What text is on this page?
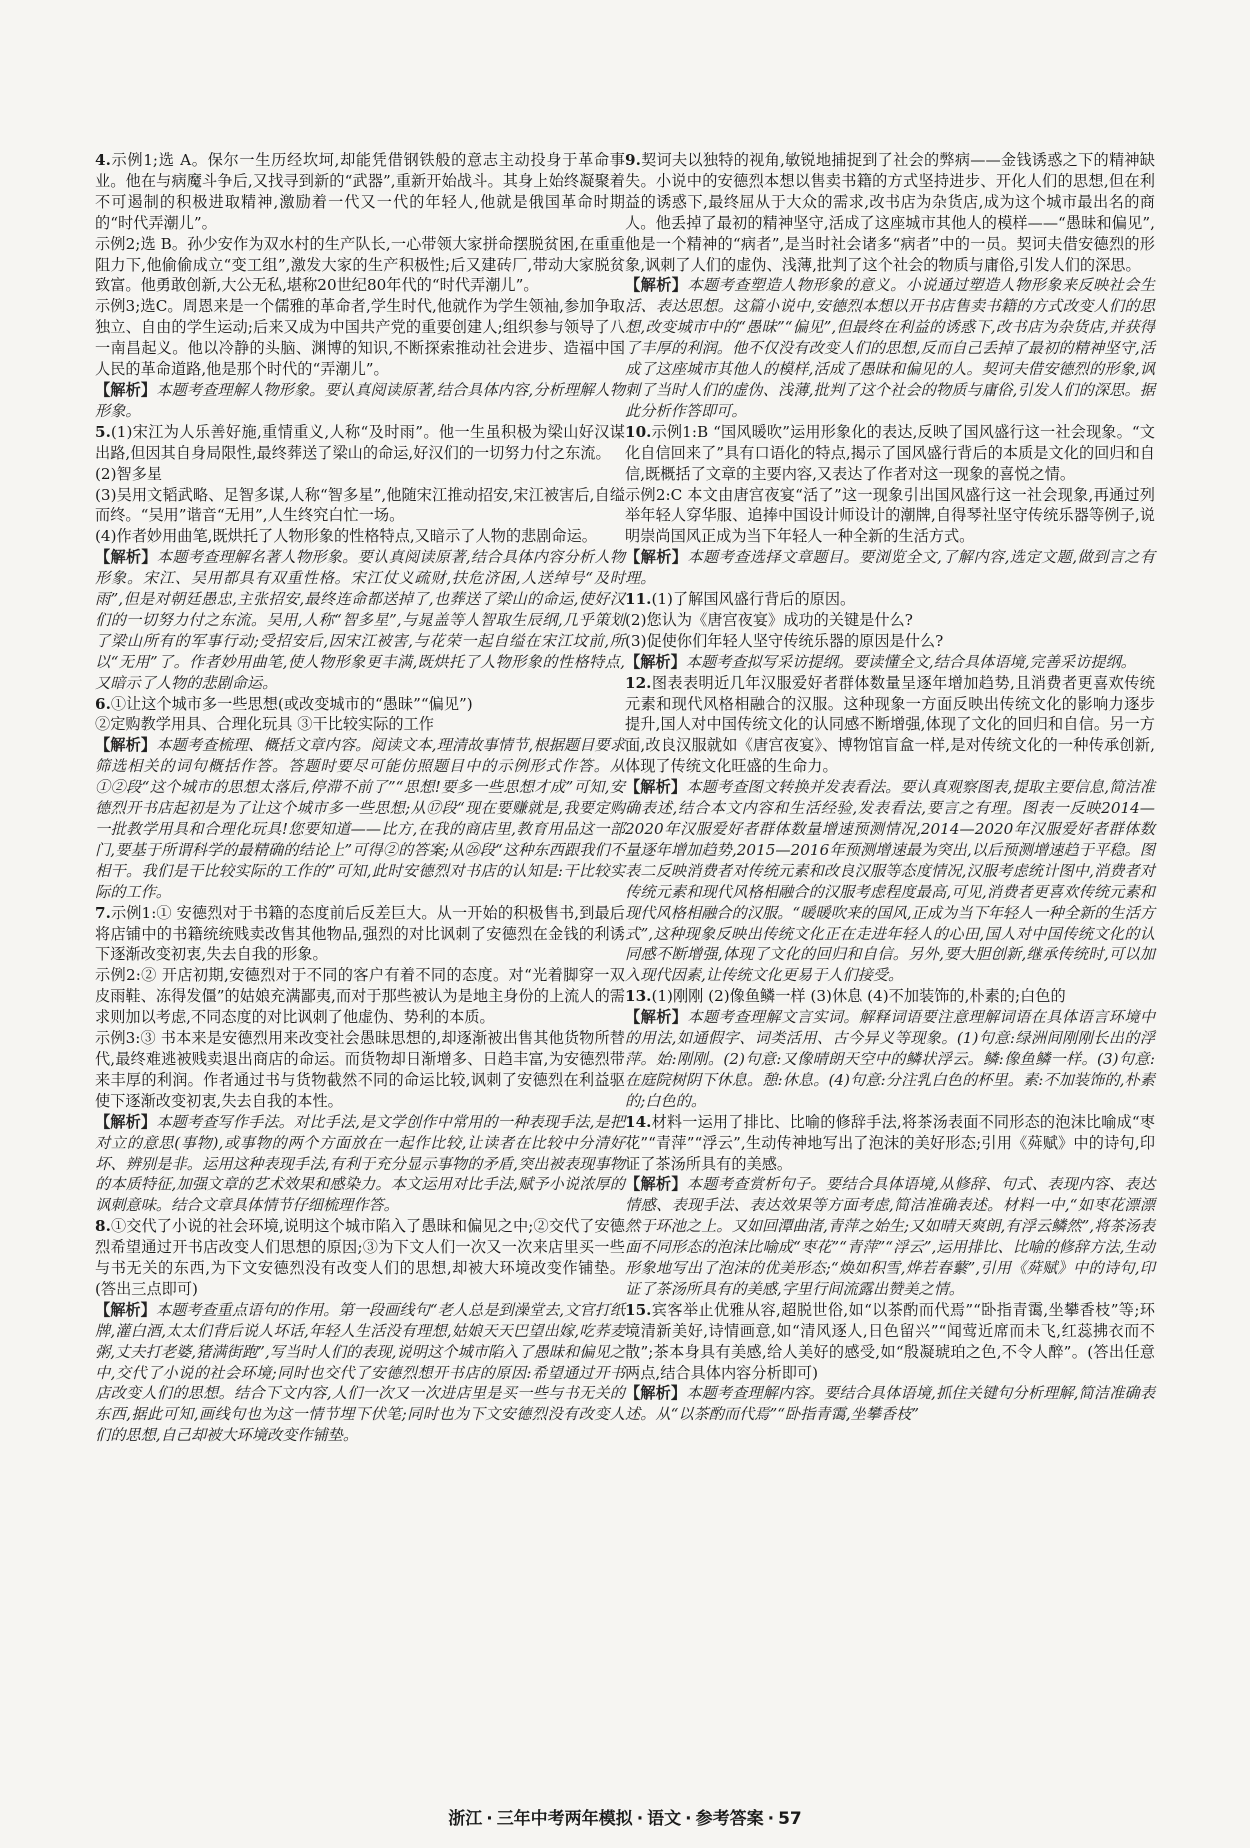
4.示例1;选 A。保尔一生历经坎坷,却能凭借钢铁般的意志主动投身于革命事业。他在与病魔斗争后,又找寻到新的“武器”,重新开始战斗。其身上始终凝聚着不可遏制的积极进取精神,激励着一代又一代的年轻人,他就是俄国革命时期的“时代弄潮儿”。

示例2;选 B。孙少安作为双水村的生产队长,一心带领大家拼命摆脱贫困,在重重阻力下,他偷偷成立“变工组”,激发大家的生产积极性;后又建砖厂,带动大家脱贫致富。他勇敢创新,大公无私,堪称20世纪80年代的“时代弄潮儿”。

示例3;选C。周恩来是一个儒雅的革命者,学生时代,他就作为学生领袖,参加争取独立、自由的学生运动;后来又成为中国共产党的重要创建人;组织参与领导了八一南昌起义。他以冷静的头脑、渊博的知识,不断探索推动社会进步、造福中国人民的革命道路,他是那个时代的“弄潮儿”。

【解析】本题考查理解人物形象。要认真阅读原著,结合具体内容,分析理解人物形象。

5.(1)宋江为人乐善好施,重情重义,人称“及时雨”。他一生虽积极为梁山好汉谋出路,但因其自身局限性,最终葬送了梁山的命运,好汉们的一切努力付之东流。

(2)智多星

(3)吴用文韬武略、足智多谋,人称“智多星”,他随宋江推动招安,宋江被害后,自缢而终。“吴用”谐音“无用”,人生终究白忙一场。

(4)作者妙用曲笔,既烘托了人物形象的性格特点,又暗示了人物的悲剧命运。

【解析】本题考查理解名著人物形象。要认真阅读原著,结合具体内容分析人物形象。宋江、吴用都具有双重性格。宋江仗义疏财,扶危济困,人送绰号“及时雨”,但是对朝廷愚忠,主张招安,最终连命都送掉了,也葬送了梁山的命运,使好汉们的一切努力付之东流。吴用,人称“智多星”,与晁盖等人智取生辰纲,几乎策划了梁山所有的军事行动;受招安后,因宋江被害,与花荣一起自缢在宋江坟前,所以“无用”了。作者妙用曲笔,使人物形象更丰满,既烘托了人物形象的性格特点,又暗示了人物的悲剧命运。

6.①让这个城市多一些思想(或改变城市的“愚昧”“偏见”)

②定购教学用具、合理化玩具 ③干比较实际的工作

【解析】本题考查梳理、概括文章内容。阅读文本,理清故事情节,根据题目要求筛选相关的词句概括作答。答题时要尽可能仿照题目中的示例形式作答。从①②段“这个城市的思想太落后,停滞不前了”“思想!要多一些思想才成”可知,安德烈开书店起初是为了让这个城市多一些思想;从⑰段“现在要赚就是,我要定购一批教学用具和合理化玩具!您要知道——比方,在我的商店里,教育用品这一部门,要基于所谓科学的最精确的结论上”可得②的答案;从㉖段“这种东西跟我们不相干。我们是干比较实际的工作的”可知,此时安德烈对书店的认知是:干比较实际的工作。

7.示例1:① 安德烈对于书籍的态度前后反差巨大。从一开始的积极售书,到最后将店铺中的书籍统统贱卖改售其他物品,强烈的对比讽刺了安德烈在金钱的利诱下逐渐改变初衷,失去自我的形象。

示例2:② 开店初期,安德烈对于不同的客户有着不同的态度。对“光着脚穿一双皮雨鞋、冻得发僵”的姑娘充满鄙夷,而对于那些被认为是地主身份的上流人的需求则加以考虑,不同态度的对比讽刺了他虚伪、势利的本质。

示例3:③ 书本来是安德烈用来改变社会愚昧思想的,却逐渐被出售其他货物所替代,最终难逃被贱卖退出商店的命运。而货物却日渐增多、日趋丰富,为安德烈带来丰厚的利润。作者通过书与货物截然不同的命运比较,讽刺了安德烈在利益驱使下逐渐改变初衷,失去自我的本性。

【解析】本题考查写作手法。对比手法,是文学创作中常用的一种表现手法,是把对立的意思(事物),或事物的两个方面放在一起作比较,让读者在比较中分清好坏、辨别是非。运用这种表现手法,有利于充分显示事物的矛盾,突出被表现事物的本质特征,加强文章的艺术效果和感染力。本文运用对比手法,赋予小说浓厚的讽刺意味。结合文章具体情节仔细梳理作答。

8.①交代了小说的社会环境,说明这个城市陷入了愚昧和偏见之中;②交代了安德烈希望通过开书店改变人们思想的原因;③为下文人们一次又一次来店里买一些与书无关的东西,为下文安德烈没有改变人们的思想,却被大环境改变作铺垫。(答出三点即可)

【解析】本题考查重点语句的作用。第一段画线句“老人总是到澡堂去,文官打纸牌,灌白酒,太太们背后说人坏话,年轻人生活没有理想,姑娘天天巴望出嫁,吃荞麦粥,丈夫打老婆,猪满街跑”,写当时人们的表现,说明这个城市陷入了愚昧和偏见之中,交代了小说的社会环境;同时也交代了安德烈想开书店的原因:希望通过开书店改变人们的思想。结合下文内容,人们一次又一次进店里是买一些与书无关的东西,据此可知,画线句也为这一情节埋下伏笔;同时也为下文安德烈没有改变人们的思想,自己却被大环境改变作铺垫。

9.契诃夫以独特的视角,敏锐地捕捉到了社会的弊病——金钱诱惑之下的精神缺失。小说中的安德烈本想以售卖书籍的方式坚持进步、开化人们的思想,但在利益的诱惑下,最终屈从于大众的需求,改书店为杂货店,成为这个城市最出名的商人。他丢掉了最初的精神坚守,活成了这座城市其他人的模样——“愚昧和偏见”,他是一个精神的“病者”,是当时社会诸多“病者”中的一员。契诃夫借安德烈的形象,讽刺了人们的虚伪、浅薄,批判了这个社会的物质与庸俗,引发人们的深思。

【解析】本题考查塑造人物形象的意义。小说通过塑造人物形象来反映社会生活、表达思想。这篇小说中,安德烈本想以开书店售卖书籍的方式改变人们的思想,改变城市中的“愚昧”“偏见”,但最终在利益的诱惑下,改书店为杂货店,并获得了丰厚的利润。他不仅没有改变人们的思想,反而自己丢掉了最初的精神坚守,活成了这座城市其他人的模样,活成了愚昧和偏见的人。契诃夫借安德烈的形象,讽刺了当时人们的虚伪、浅薄,批判了这个社会的物质与庸俗,引发人们的深思。据此分析作答即可。

10.示例1:B “国风暖吹”运用形象化的表达,反映了国风盛行这一社会现象。“文化自信回来了”具有口语化的特点,揭示了国风盛行背后的本质是文化的回归和自信,既概括了文章的主要内容,又表达了作者对这一现象的喜悦之情。

示例2:C 本文由唐宫夜宴“活了”这一现象引出国风盛行这一社会现象,再通过列举年轻人穿华服、追捧中国设计师设计的潮牌,自得琴社坚守传统乐器等例子,说明崇尚国风正成为当下年轻人一种全新的生活方式。

【解析】本题考查选择文章题目。要浏览全文,了解内容,选定文题,做到言之有理。

11.(1)了解国风盛行背后的原因。

(2)您认为《唐宫夜宴》成功的关键是什么?

(3)促使你们年轻人坚守传统乐器的原因是什么?

【解析】本题考查拟写采访提纲。要读懂全文,结合具体语境,完善采访提纲。

12.图表表明近几年汉服爱好者群体数量呈逐年增加趋势,且消费者更喜欢传统元素和现代风格相融合的汉服。这种现象一方面反映出传统文化的影响力逐步提升,国人对中国传统文化的认同感不断增强,体现了文化的回归和自信。另一方面,改良汉服就如《唐宫夜宴》、博物馆盲盒一样,是对传统文化的一种传承创新,体现了传统文化旺盛的生命力。

【解析】本题考查图文转换并发表看法。要认真观察图表,提取主要信息,简洁准确表述,结合本文内容和生活经验,发表看法,要言之有理。图表一反映2014—2020年汉服爱好者群体数量增速预测情况,2014—2020年汉服爱好者群体数量逐年增加趋势,2015—2016年预测增速最为突出,以后预测增速趋于平稳。图表二反映消费者对传统元素和改良汉服等态度情况,汉服考虑统计图中,消费者对传统元素和现代风格相融合的汉服考虑程度最高,可见,消费者更喜欢传统元素和现代风格相融合的汉服。“暖暖吹来的国风,正成为当下年轻人一种全新的生活方式”,这种现象反映出传统文化正在走进年轻人的心田,国人对中国传统文化的认同感不断增强,体现了文化的回归和自信。另外,要大胆创新,继承传统时,可以加入现代因素,让传统文化更易于人们接受。

13.(1)刚刚 (2)像鱼鳞一样 (3)休息 (4)不加装饰的,朴素的;白色的

【解析】本题考查理解文言实词。解释词语要注意理解词语在具体语言环境中的用法,如通假字、词类活用、古今异义等现象。(1)句意:绿洲间刚刚长出的浮萍。始:刚刚。(2)句意:又像晴朗天空中的鳞状浮云。鳞:像鱼鳞一样。(3)句意:在庭院树阴下休息。憩:休息。(4)句意:分注乳白色的杯里。素:不加装饰的,朴素的;白色的。

14.材料一运用了排比、比喻的修辞手法,将茶汤表面不同形态的泡沫比喻成“枣花”“青萍”“浮云”,生动传神地写出了泡沫的美好形态;引用《荈赋》中的诗句,印证了茶汤所具有的美感。

【解析】本题考查赏析句子。要结合具体语境,从修辞、句式、表现内容、表达情感、表现手法、表达效果等方面考虑,简洁准确表述。材料一中,“如枣花漂漂然于环池之上。又如回潭曲渚,青萍之始生;又如晴天爽朗,有浮云鳞然”,将茶汤表面不同形态的泡沫比喻成“枣花”“青萍”“浮云”,运用排比、比喻的修辞方法,生动形象地写出了泡沫的优美形态;“焕如积雪,烨若春蘩”,引用《荈赋》中的诗句,印证了茶汤所具有的美感,字里行间流露出赞美之情。

15.宾客举止优雅从容,超脱世俗,如“以茶酌而代焉”“卧指青霭,坐攀香枝”等;环境清新美好,诗情画意,如“清风逐人,日色留兴”“闻莺近席而未飞,红蕊拂衣而不散”;茶本身具有美感,给人美好的感受,如“殷凝琥珀之色,不令人醉”。(答出任意两点,结合具体内容分析即可)

【解析】本题考查理解内容。要结合具体语境,抓住关键句分析理解,简洁准确表述。从“以茶酌而代焉”“卧指青霭,坐攀香枝”

浙江 · 三年中考两年模拟 · 语文 · 参考答案 · 57
